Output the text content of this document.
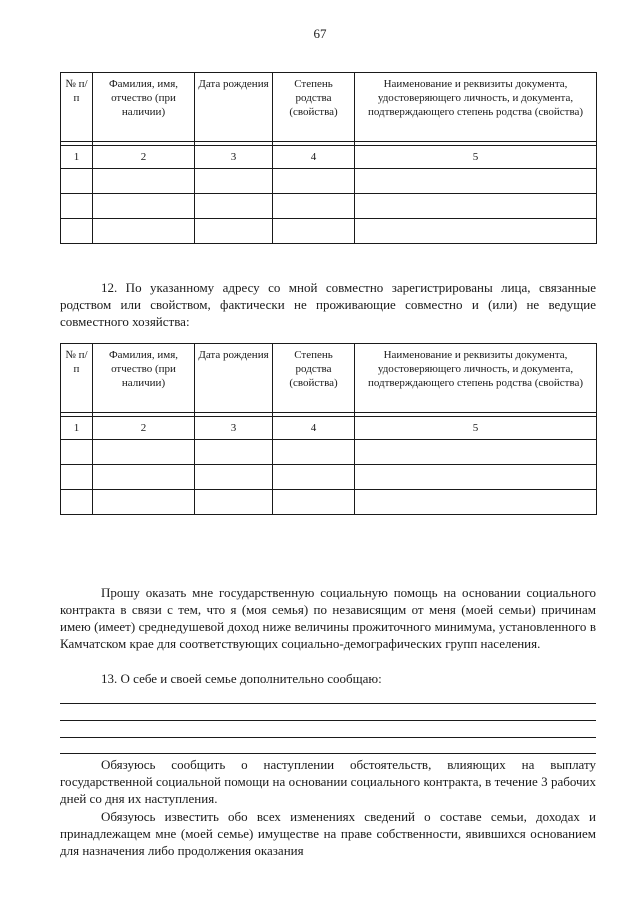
67
№ п/п	Фамилия, имя, отчество (при наличии)	Дата рождения	Степень родства (свойства)	Наименование и реквизиты документа, удостоверяющего личность, и документа, подтверждающего степень родства (свойства)

1	2	3	4	5

12. По указанному адресу со мной совместно зарегистрированы лица, связанные родством или свойством, фактически не проживающие совместно и (или) не ведущие совместного хозяйства:

№ п/п	Фамилия, имя, отчество (при наличии)	Дата рождения	Степень родства (свойства)	Наименование и реквизиты документа, удостоверяющего личность, и документа, подтверждающего степень родства (свойства)

1	2	3	4	5

Прошу оказать мне государственную социальную помощь на основании социального контракта в связи с тем, что я (моя семья) по независящим от меня (моей семьи) причинам имею (имеет) среднедушевой доход ниже величины прожиточного минимума, установленного в Камчатском крае для соответствующих социально-демографических групп населения.

13. О себе и своей семье дополнительно сообщаю:

Обязуюсь сообщить о наступлении обстоятельств, влияющих на выплату государственной социальной помощи на основании социального контракта, в течение 3 рабочих дней со дня их наступления.

Обязуюсь известить обо всех изменениях сведений о составе семьи, доходах и принадлежащем мне (моей семье) имуществе на праве собственности, явившихся основанием для назначения либо продолжения оказания
